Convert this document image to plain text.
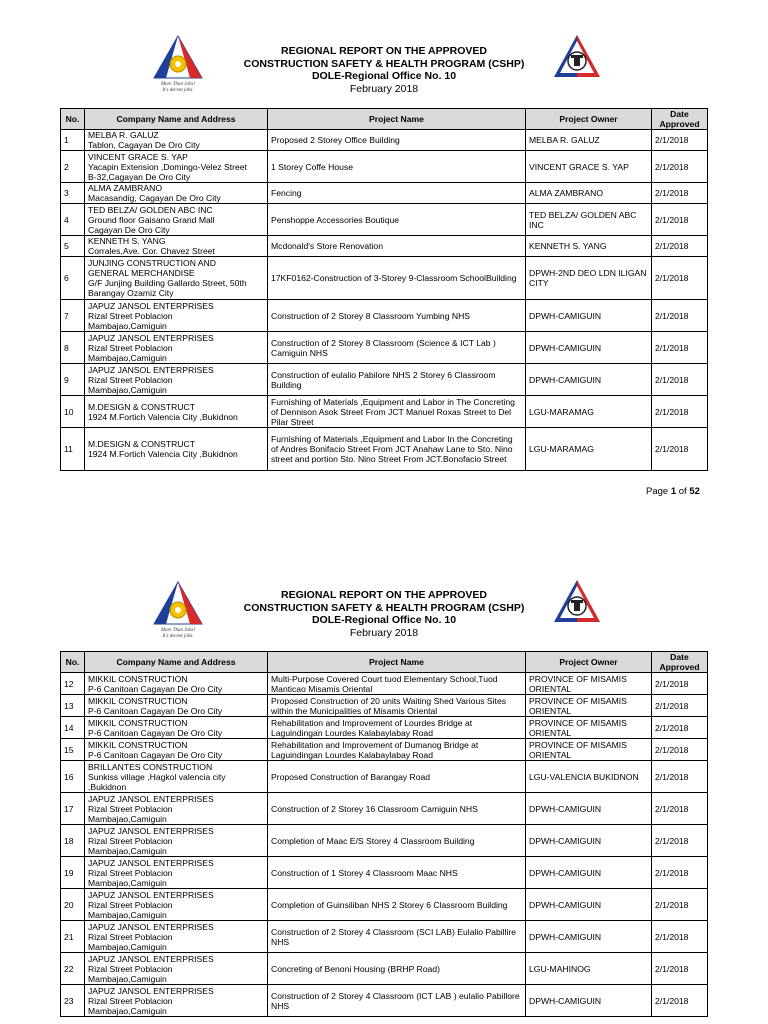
More Than Jobs!
It's decent jobs.
REGIONAL REPORT ON THE APPROVED
CONSTRUCTION SAFETY & HEALTH PROGRAM (CSHP)
DOLE-Regional Office No. 10
February 2018
No.	Company Name and Address	Project Name	Project Owner	Date Approved
1	MELBA R. GALUZ
Tablon, Cagayan De Oro City	Proposed 2 Storey Office Building	MELBA R. GALUZ	2/1/2018
2	VINCENT GRACE S. YAP
Yacapin Extension ,Domingo-Velez Street
B-32,Cagayan De Oro City	1 Storey Coffe House	VINCENT GRACE S. YAP	2/1/2018
3	ALMA ZAMBRANO
Macasandig, Cagayan De Oro City	Fencing	ALMA ZAMBRANO	2/1/2018
4	TED BELZA/ GOLDEN ABC INC
Ground floor Gaisano Grand Mall
Cagayan De Oro City	Penshoppe Accessories Boutique	TED BELZA/ GOLDEN ABC INC	2/1/2018
5	KENNETH S. YANG
Corrales,Ave. Cor. Chavez Street	Mcdonald's Store Renovation	KENNETH S. YANG	2/1/2018
6	JUNJING CONSTRUCTION AND
GENERAL MERCHANDISE
G/F Junjing Building Gallardo Street, 50th
Barangay Ozamiz City	17KF0162-Construction of 3-Storey 9-Classroom SchoolBuilding	DPWH-2ND DEO LDN ILIGAN CITY	2/1/2018
7	JAPUZ JANSOL ENTERPRISES
Rizal Street Poblacion
Mambajao,Camiguin	Construction of 2 Storey 8 Classroom Yumbing NHS	DPWH-CAMIGUIN	2/1/2018
8	JAPUZ JANSOL ENTERPRISES
Rizal Street Poblacion
Mambajao,Camiguin	Construction of 2 Storey 8 Classroom (Science & ICT Lab ) Camiguin NHS	DPWH-CAMIGUIN	2/1/2018
9	JAPUZ JANSOL ENTERPRISES
Rizal Street Poblacion
Mambajao,Camiguin	Construction of eulalio Pabilore NHS 2 Storey 6 Classroom Building	DPWH-CAMIGUIN	2/1/2018
10	M.DESIGN & CONSTRUCT
1924 M.Fortich Valencia City ,Bukidnon	Furnishing of Materials ,Equipment and Labor in The Concreting of Dennison Asok Street From JCT Manuel Roxas Street to Del Pilar Street	LGU-MARAMAG	2/1/2018
11	M.DESIGN & CONSTRUCT
1924 M.Fortich Valencia City ,Bukidnon	Furnishing of Materials ,Equipment and Labor In the Concreting of Andres Bonifacio Street From JCT Anahaw Lane to Sto. Nino street and portion Sto. Nino Street From JCT.Bonofacio Street	LGU-MARAMAG	2/1/2018
Page 1 of 52
More Than Jobs!
It's decent jobs.
REGIONAL REPORT ON THE APPROVED
CONSTRUCTION SAFETY & HEALTH PROGRAM (CSHP)
DOLE-Regional Office No. 10
February 2018
No.	Company Name and Address	Project Name	Project Owner	Date Approved
12	MIKKIL CONSTRUCTION
P-6 Canitoan Cagayan De Oro City	Multi-Purpose Covered Court tuod Elementary School,Tuod Manticao Misamis Oriental	PROVINCE OF MISAMIS ORIENTAL	2/1/2018
13	MIKKIL CONSTRUCTION
P-6 Canitoan Cagayan De Oro City	Proposed Construction of 20 units Waiting Shed Various Sites within the Municipalities of Misamis Oriental	PROVINCE OF MISAMIS ORIENTAL	2/1/2018
14	MIKKIL CONSTRUCTION
P-6 Canitoan Cagayan De Oro City	Rehabilitation and Improvement of Lourdes Bridge at Laguindingan Lourdes Kalabaylabay Road	PROVINCE OF MISAMIS ORIENTAL	2/1/2018
15	MIKKIL CONSTRUCTION
P-6 Canitoan Cagayan De Oro City	Rehabilitation and Improvement of Dumanog Bridge at Laguindingan Lourdes Kalabaylabay Road	PROVINCE OF MISAMIS ORIENTAL	2/1/2018
16	BRILLANTES CONSTRUCTION
Sunkiss village ,Hagkol valencia city
,Bukidnon	Proposed Construction of Barangay Road	LGU-VALENCIA BUKIDNON	2/1/2018
17	JAPUZ JANSOL ENTERPRISES
Rizal Street Poblacion
Mambajao,Camiguin	Construction of 2 Storey 16 Classroom Camiguin NHS	DPWH-CAMIGUIN	2/1/2018
18	JAPUZ JANSOL ENTERPRISES
Rizal Street Poblacion
Mambajao,Camiguin	Completion of Maac E/S Storey 4 Classroom Building	DPWH-CAMIGUIN	2/1/2018
19	JAPUZ JANSOL ENTERPRISES
Rizal Street Poblacion
Mambajao,Camiguin	Construction of 1 Storey 4 Classroom Maac NHS	DPWH-CAMIGUIN	2/1/2018
20	JAPUZ JANSOL ENTERPRISES
Rizal Street Poblacion
Mambajao,Camiguin	Completion of Guinsiliban NHS 2 Storey 6 Classroom Building	DPWH-CAMIGUIN	2/1/2018
21	JAPUZ JANSOL ENTERPRISES
Rizal Street Poblacion
Mambajao,Camiguin	Construction of 2 Storey 4 Classroom (SCI LAB) Eulalio Pabillire NHS	DPWH-CAMIGUIN	2/1/2018
22	JAPUZ JANSOL ENTERPRISES
Rizal Street Poblacion
Mambajao,Camiguin	Concreting of Benoni Housing (BRHP Road)	LGU-MAHINOG	2/1/2018
23	JAPUZ JANSOL ENTERPRISES
Rizal Street Poblacion
Mambajao,Camiguin	Construction of 2 Storey 4 Classroom (ICT LAB ) eulalio Pabillore NHS	DPWH-CAMIGUIN	2/1/2018
